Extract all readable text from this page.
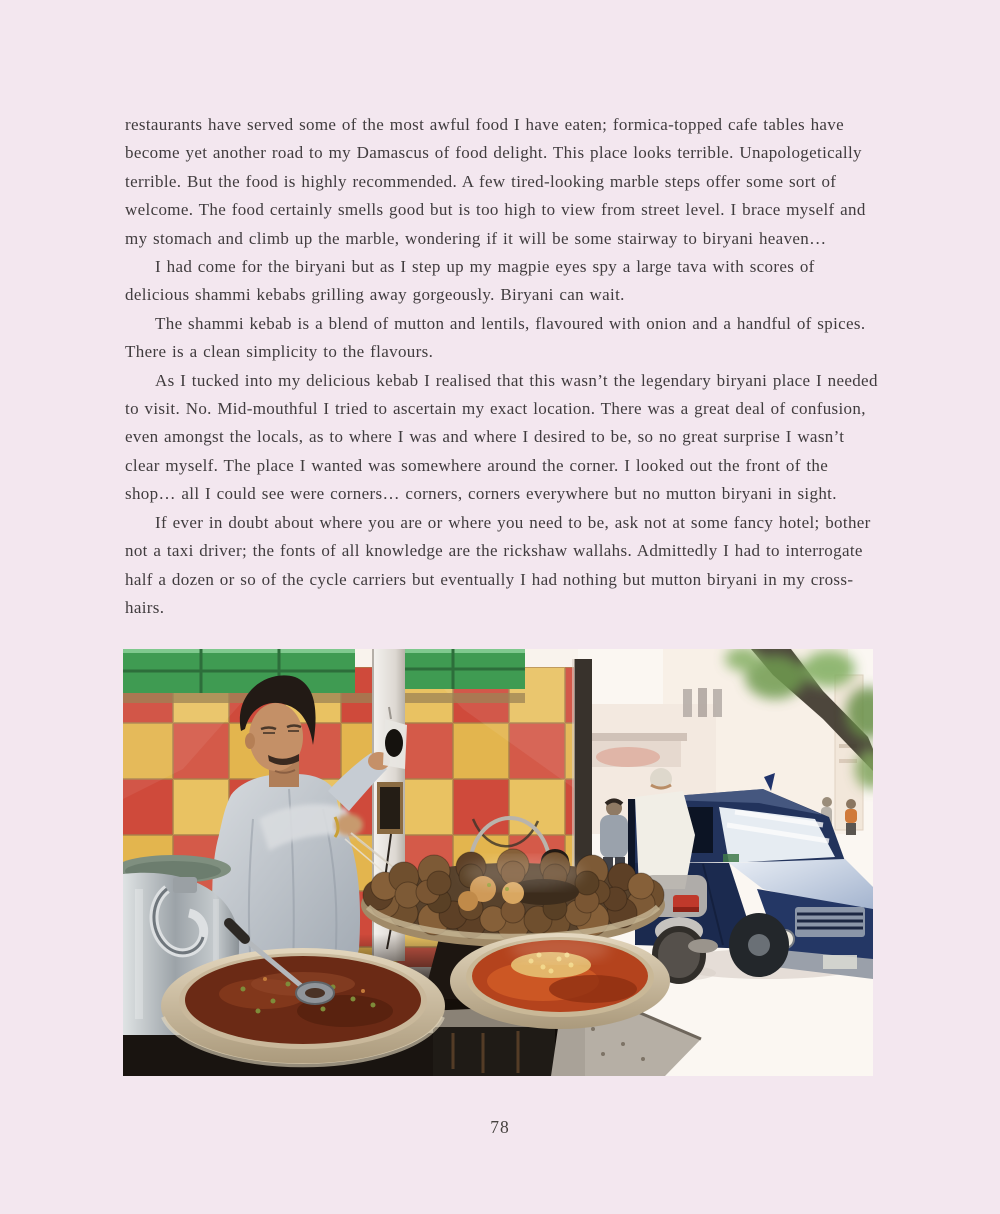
restaurants have served some of the most awful food I have eaten; formica-topped cafe tables have become yet another road to my Damascus of food delight. This place looks terrible. Unapologetically terrible. But the food is highly recommended. A few tired-looking marble steps offer some sort of welcome. The food certainly smells good but is too high to view from street level. I brace myself and my stomach and climb up the marble, wondering if it will be some stairway to biryani heaven…

I had come for the biryani but as I step up my magpie eyes spy a large tava with scores of delicious shammi kebabs grilling away gorgeously. Biryani can wait.

The shammi kebab is a blend of mutton and lentils, flavoured with onion and a handful of spices. There is a clean simplicity to the flavours.

As I tucked into my delicious kebab I realised that this wasn’t the legendary biryani place I needed to visit. No. Mid-mouthful I tried to ascertain my exact location. There was a great deal of confusion, even amongst the locals, as to where I was and where I desired to be, so no great surprise I wasn’t clear myself. The place I wanted was somewhere around the corner. I looked out the front of the shop… all I could see were corners… corners, corners everywhere but no mutton biryani in sight.

If ever in doubt about where you are or where you need to be, ask not at some fancy hotel; bother not a taxi driver; the fonts of all knowledge are the rickshaw wallahs. Admittedly I had to interrogate half a dozen or so of the cycle carriers but eventually I had nothing but mutton biryani in my cross-hairs.

78
